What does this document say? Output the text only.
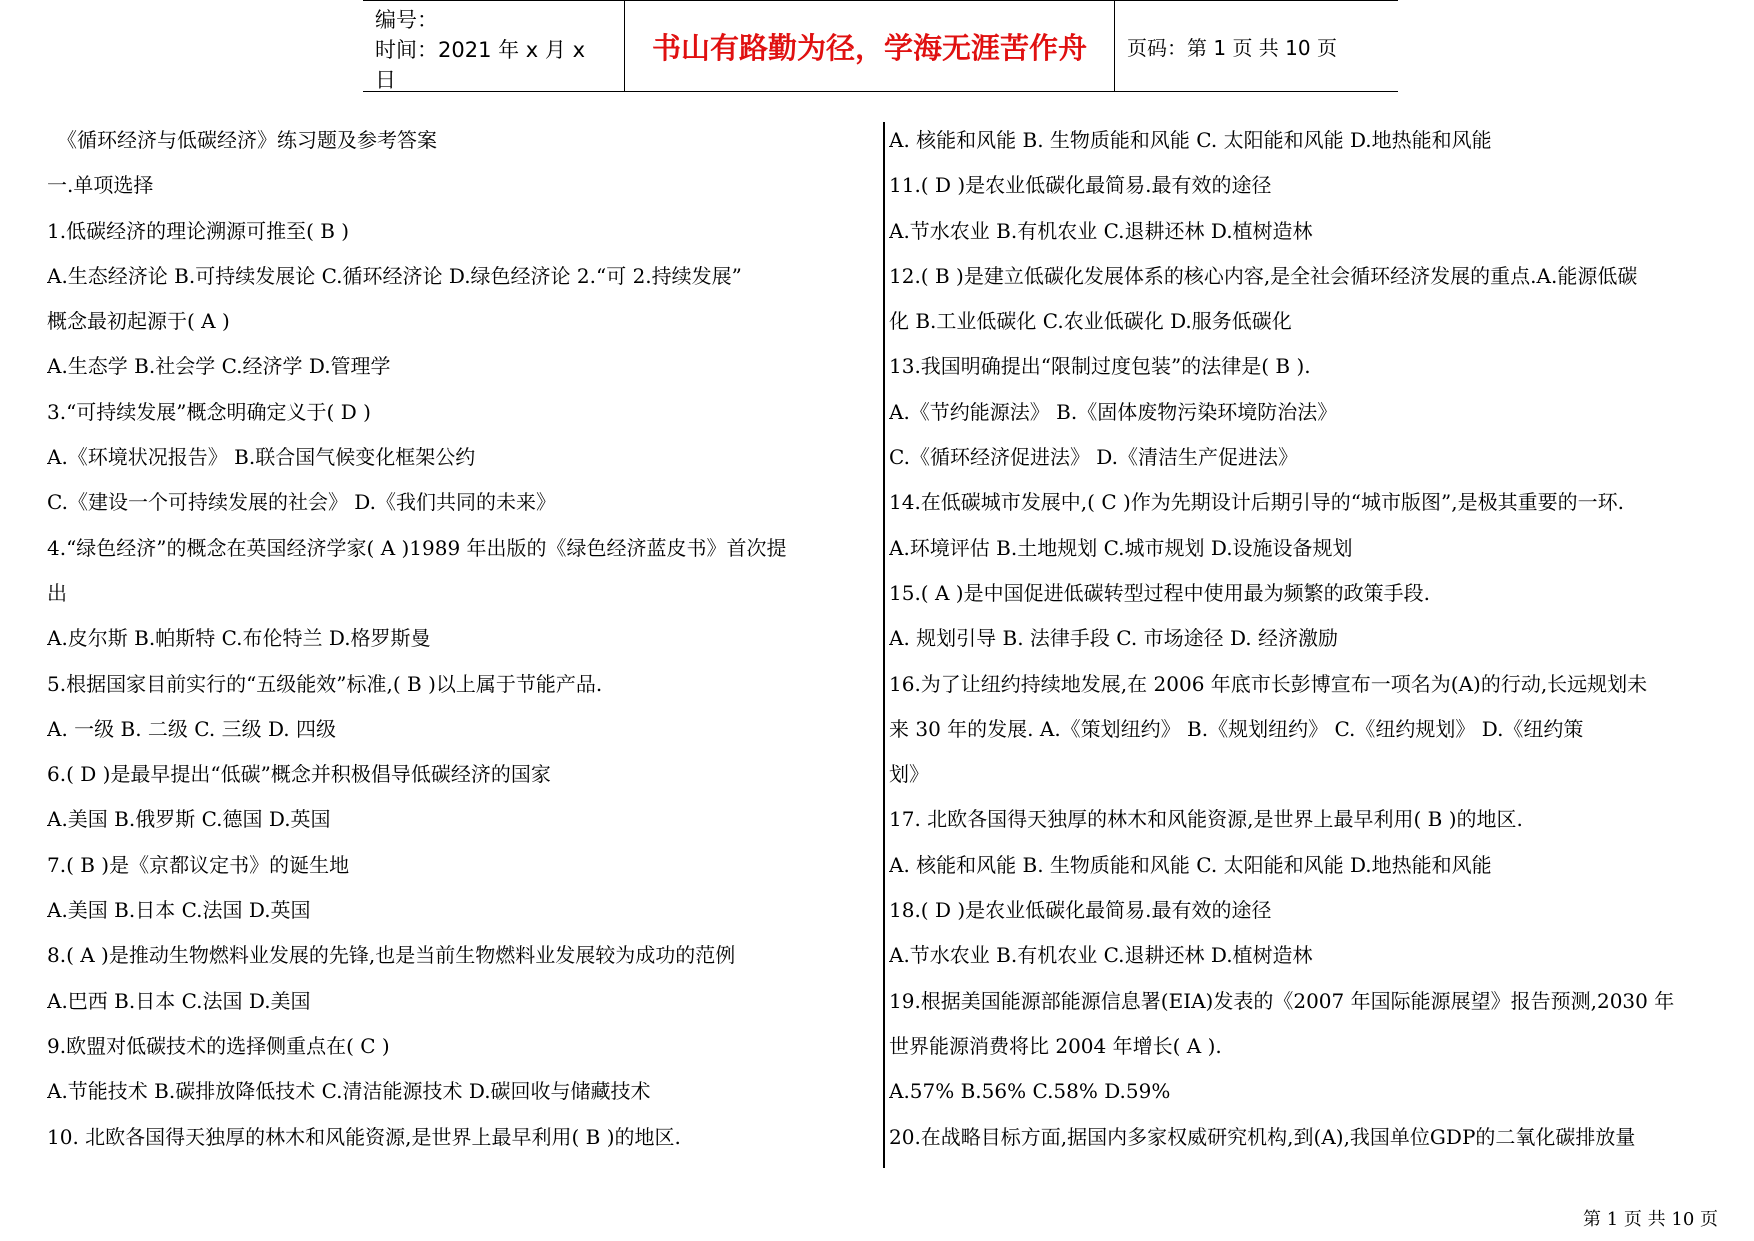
编号：
时间：2021 年 x 月 x 日
书山有路勤为径，学海无涯苦作舟	页码：第 1 页 共 10 页
　《循环经济与低碳经济》练习题及参考答案
一.单项选择
1.低碳经济的理论溯源可推至( B )
A.生态经济论 B.可持续发展论 C.循环经济论 D.绿色经济论 2.“可 2.持续发展”
概念最初起源于( A )
A.生态学 B.社会学 C.经济学 D.管理学
3.“可持续发展”概念明确定义于( D )
A.《环境状况报告》 B.联合国气候变化框架公约
C.《建设一个可持续发展的社会》 D.《我们共同的未来》
4.“绿色经济”的概念在英国经济学家( A )1989 年出版的《绿色经济蓝皮书》首次提
出
A.皮尔斯 B.帕斯特 C.布伦特兰 D.格罗斯曼
5.根据国家目前实行的“五级能效”标准,( B )以上属于节能产品.
A. 一级 B. 二级 C. 三级 D. 四级
6.( D )是最早提出“低碳”概念并积极倡导低碳经济的国家
A.美国 B.俄罗斯 C.德国 D.英国
7.( B )是《京都议定书》的诞生地
A.美国 B.日本 C.法国 D.英国
8.( A )是推动生物燃料业发展的先锋,也是当前生物燃料业发展较为成功的范例
A.巴西 B.日本 C.法国 D.美国
9.欧盟对低碳技术的选择侧重点在( C )
A.节能技术 B.碳排放降低技术 C.清洁能源技术 D.碳回收与储藏技术
10. 北欧各国得天独厚的林木和风能资源,是世界上最早利用( B )的地区.
A. 核能和风能 B. 生物质能和风能 C. 太阳能和风能 D.地热能和风能
11.( D )是农业低碳化最简易.最有效的途径
A.节水农业 B.有机农业 C.退耕还林 D.植树造林
12.( B )是建立低碳化发展体系的核心内容,是全社会循环经济发展的重点.A.能源低碳
化 B.工业低碳化 C.农业低碳化 D.服务低碳化
13.我国明确提出“限制过度包装”的法律是( B ).
A.《节约能源法》 B.《固体废物污染环境防治法》
C.《循环经济促进法》 D.《清洁生产促进法》
14.在低碳城市发展中,( C )作为先期设计后期引导的“城市版图”,是极其重要的一环.
A.环境评估 B.土地规划 C.城市规划 D.设施设备规划
15.( A )是中国促进低碳转型过程中使用最为频繁的政策手段.
A. 规划引导 B. 法律手段 C. 市场途径 D. 经济激励
16.为了让纽约持续地发展,在 2006 年底市长彭博宣布一项名为(A)的行动,长远规划未
来 30 年的发展. A.《策划纽约》 B.《规划纽约》 C.《纽约规划》 D.《纽约策
划》
17. 北欧各国得天独厚的林木和风能资源,是世界上最早利用( B )的地区.
A. 核能和风能 B. 生物质能和风能 C. 太阳能和风能 D.地热能和风能
18.( D )是农业低碳化最简易.最有效的途径
A.节水农业 B.有机农业 C.退耕还林 D.植树造林
19.根据美国能源部能源信息署(EIA)发表的《2007 年国际能源展望》报告预测,2030 年
世界能源消费将比 2004 年增长( A ).
A.57% B.56% C.58% D.59%
20.在战略目标方面,据国内多家权威研究机构,到(A),我国单位GDP的二氧化碳排放量
第 1 页 共 10 页
